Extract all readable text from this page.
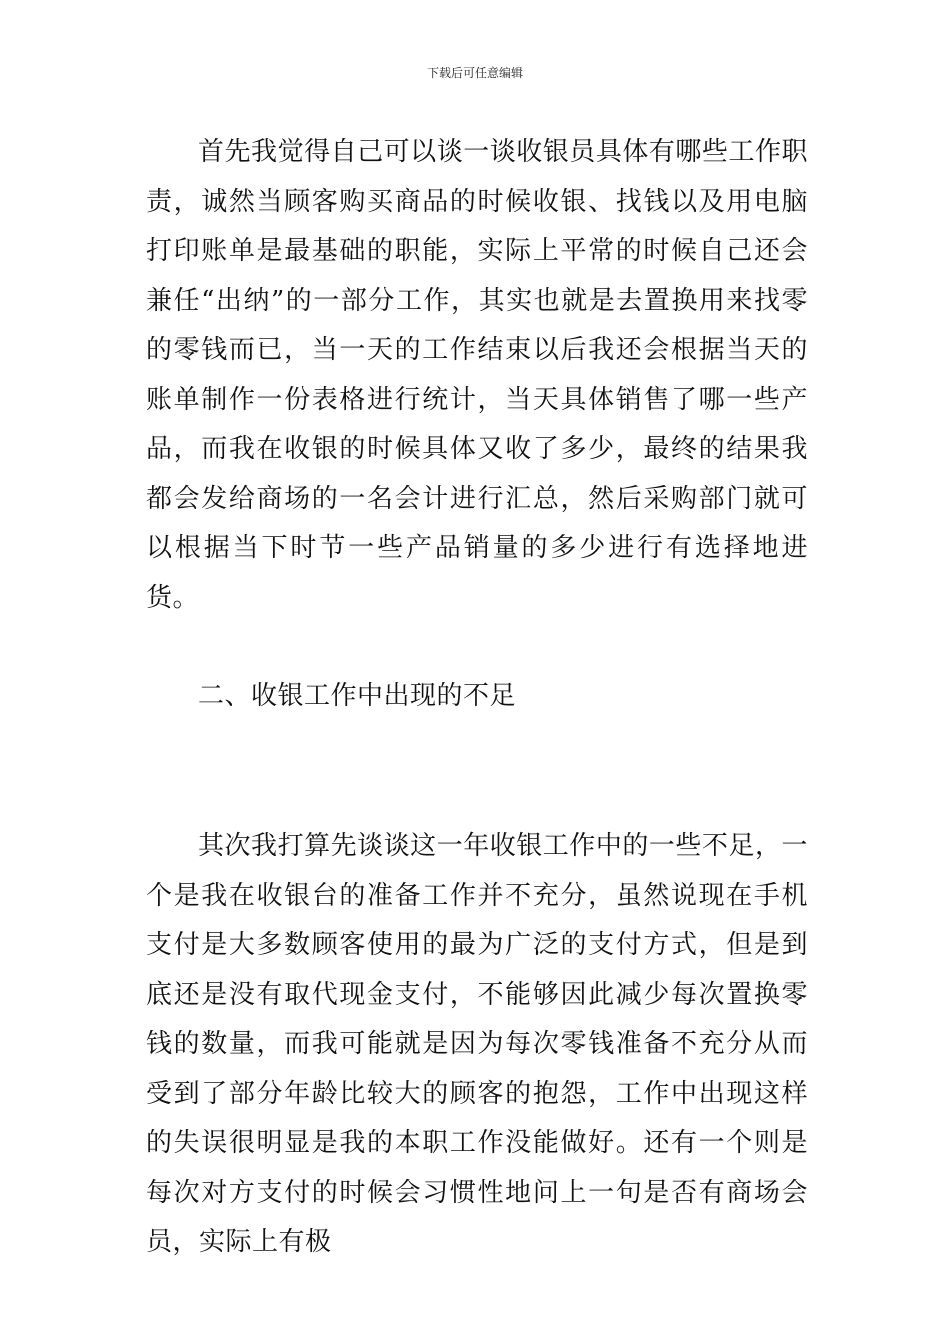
下载后可任意编辑

首先我觉得自己可以谈一谈收银员具体有哪些工作职责，诚然当顾客购买商品的时候收银、找钱以及用电脑打印账单是最基础的职能，实际上平常的时候自己还会兼任“出纳”的一部分工作，其实也就是去置换用来找零的零钱而已，当一天的工作结束以后我还会根据当天的账单制作一份表格进行统计，当天具体销售了哪一些产品，而我在收银的时候具体又收了多少，最终的结果我都会发给商场的一名会计进行汇总，然后采购部门就可以根据当下时节一些产品销量的多少进行有选择地进货。

二、收银工作中出现的不足

其次我打算先谈谈这一年收银工作中的一些不足，一个是我在收银台的准备工作并不充分，虽然说现在手机支付是大多数顾客使用的最为广泛的支付方式，但是到底还是没有取代现金支付，不能够因此减少每次置换零钱的数量，而我可能就是因为每次零钱准备不充分从而受到了部分年龄比较大的顾客的抱怨，工作中出现这样的失误很明显是我的本职工作没能做好。还有一个则是每次对方支付的时候会习惯性地问上一句是否有商场会员，实际上有极
